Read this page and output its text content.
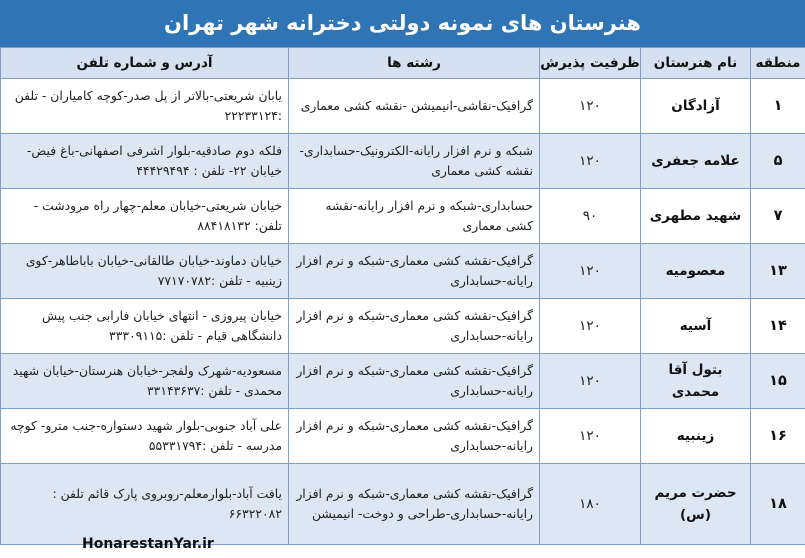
هنرستان های نمونه دولتی دخترانه شهر تهران
منطقه	نام هنرستان	ظرفیت پذیرش	رشته ها	آدرس و شماره تلفن
۱	آزادگان	۱۲۰	گرافیک-نقاشی-انیمیشن -نقشه کشی معماری	یابان شریعتی-بالاتر از پل صدر-کوچه کامیاران - تلفن :۲۲۲۳۳۱۲۴
۵	علامه جعفری	۱۲۰	شبکه و نرم افزار رایانه-الکترونیک-حسابداری-نقشه کشی معماری	فلکه دوم صادقیه-بلوار اشرفی اصفهانی-باغ فیض-خیابان ۲۲- تلفن : ۴۴۴۲۹۴۹۴
۷	شهید مطهری	۹۰	حسابداری-شبکه و نرم افزار رایانه-نقشه کشی معماری	خیابان شریعتی-خیابان معلم-چهار راه مرودشت - تلفن: ۸۸۴۱۸۱۳۲
۱۳	معصومیه	۱۲۰	گرافیک-نقشه کشی معماری-شبکه و نرم افزار رایانه-حسابداری	خیابان دماوند-خیابان طالقانی-خیابان باباطاهر-کوی زینبیه - تلفن :۷۷۱۷۰۷۸۲
۱۴	آسیه	۱۲۰	گرافیک-نقشه کشی معماری-شبکه و نرم افزار رایانه-حسابداری	خیابان پیروزی - انتهای خیابان فارابی جنب پیش دانشگاهی قیام - تلفن :۳۳۳۰۹۱۱۵
۱۵	بتول آقا محمدی	۱۲۰	گرافیک-نقشه کشی معماری-شبکه و نرم افزار رایانه-حسابداری	مسعودیه-شهرک ولفجر-خیابان هنرستان-خیابان شهید محمدی - تلفن :۳۳۱۴۳۶۳۷
۱۶	زینبیه	۱۲۰	گرافیک-نقشه کشی معماری-شبکه و نرم افزار رایانه-حسابداری	علی آباد جنوبی-بلوار شهید دستواره-جنب مترو- کوچه مدرسه - تلفن :۵۵۳۳۱۷۹۴
۱۸	حضرت مریم (س)	۱۸۰	گرافیک-نقشه کشی معماری-شبکه و نرم افزار رایانه-حسابداری-طراحی و دوخت- انیمیشن	یافت آباد-بلوارمعلم-روبروی پارک قائم تلفن : ۶۶۳۲۲۰۸۲
HonarestanYar.ir
